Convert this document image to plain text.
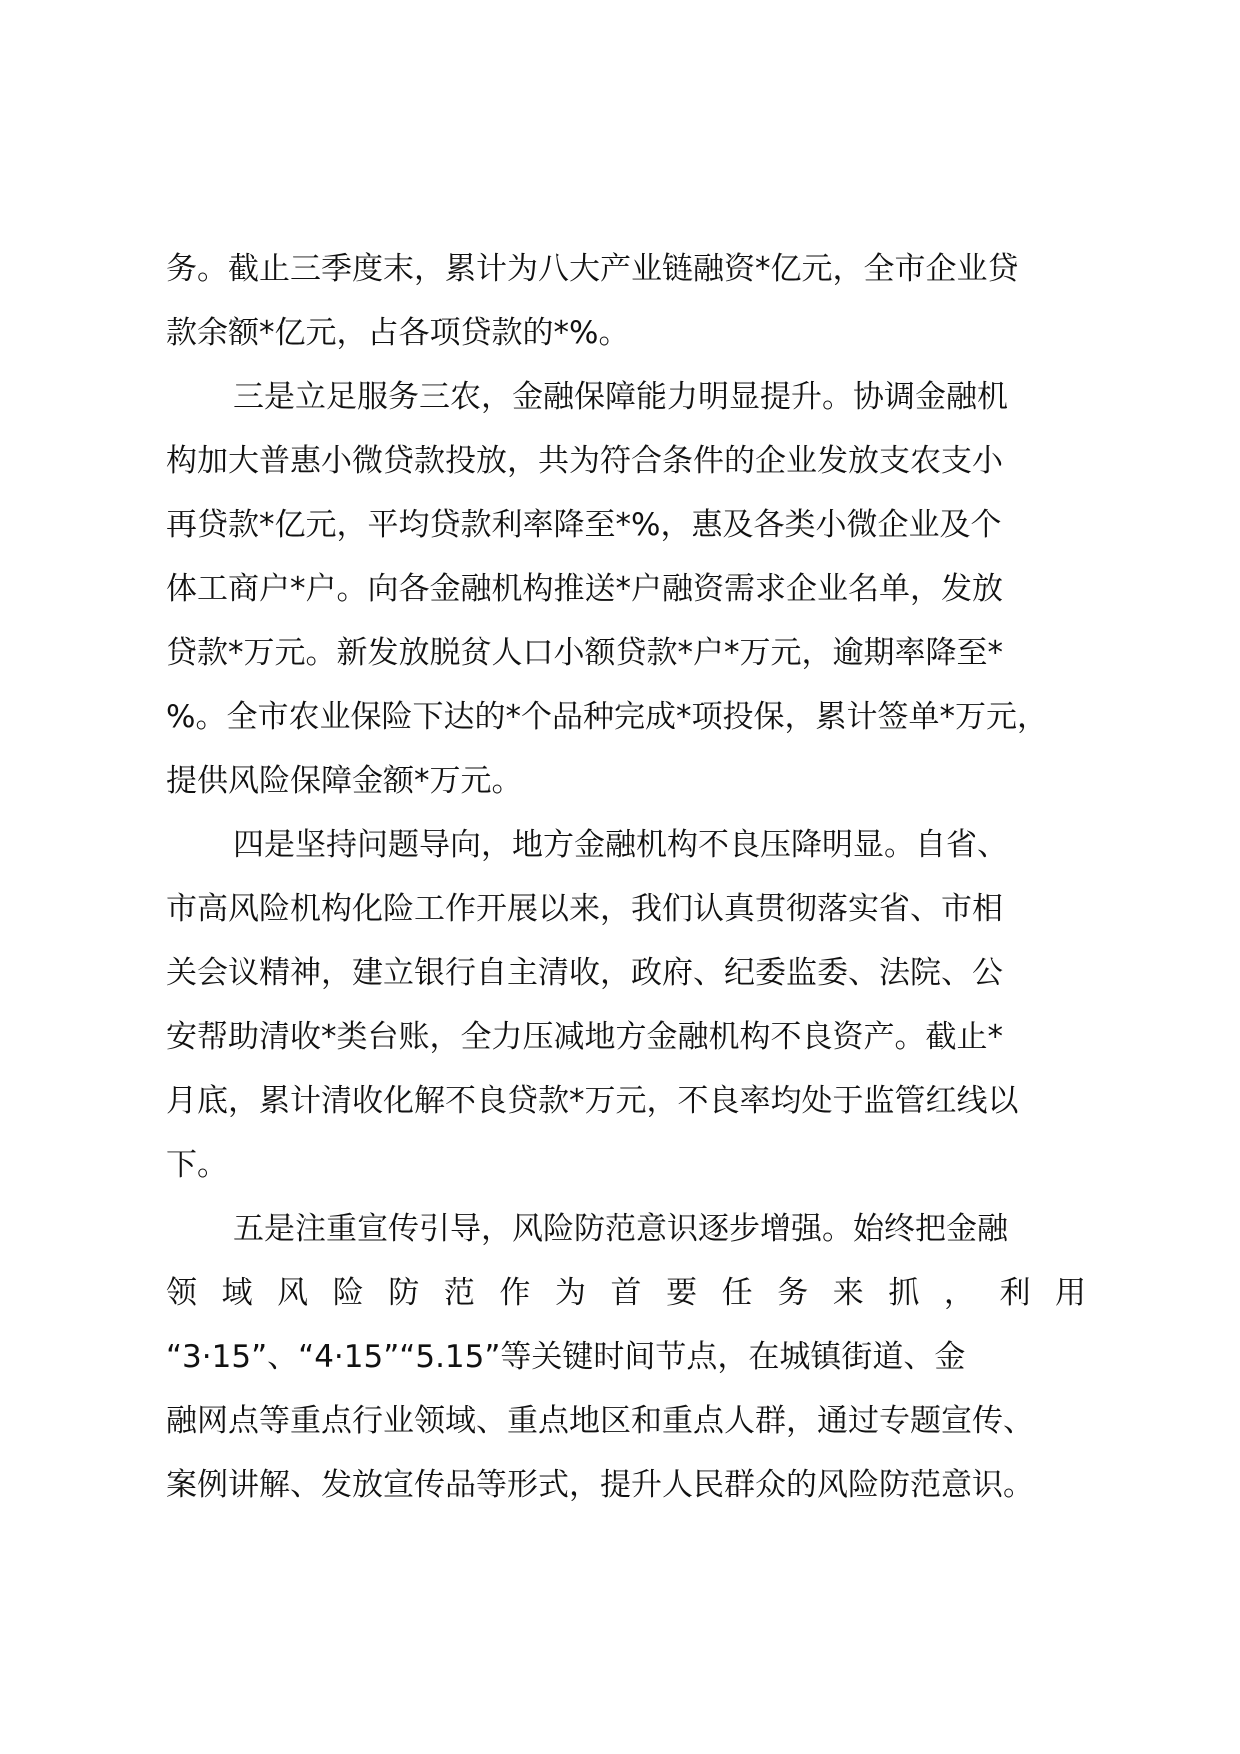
务。截止三季度末，累计为八大产业链融资*亿元，全市企业贷
款余额*亿元，占各项贷款的*%。
三是立足服务三农，金融保障能力明显提升。协调金融机
构加大普惠小微贷款投放，共为符合条件的企业发放支农支小
再贷款*亿元，平均贷款利率降至*%，惠及各类小微企业及个
体工商户*户。向各金融机构推送*户融资需求企业名单，发放
贷款*万元。新发放脱贫人口小额贷款*户*万元，逾期率降至*
%。全市农业保险下达的*个品种完成*项投保，累计签单*万元，
提供风险保障金额*万元。
四是坚持问题导向，地方金融机构不良压降明显。自省、
市高风险机构化险工作开展以来，我们认真贯彻落实省、市相
关会议精神，建立银行自主清收，政府、纪委监委、法院、公
安帮助清收*类台账，全力压减地方金融机构不良资产。截止*
月底，累计清收化解不良贷款*万元，不良率均处于监管红线以
下。
五是注重宣传引导，风险防范意识逐步增强。始终把金融
领 域 风 险 防 范 作 为 首 要 任 务 来 抓 ， 利 用
“3·15”、“4·15”“5.15”等关键时间节点，在城镇街道、金
融网点等重点行业领域、重点地区和重点人群，通过专题宣传、
案例讲解、发放宣传品等形式，提升人民群众的风险防范意识。
